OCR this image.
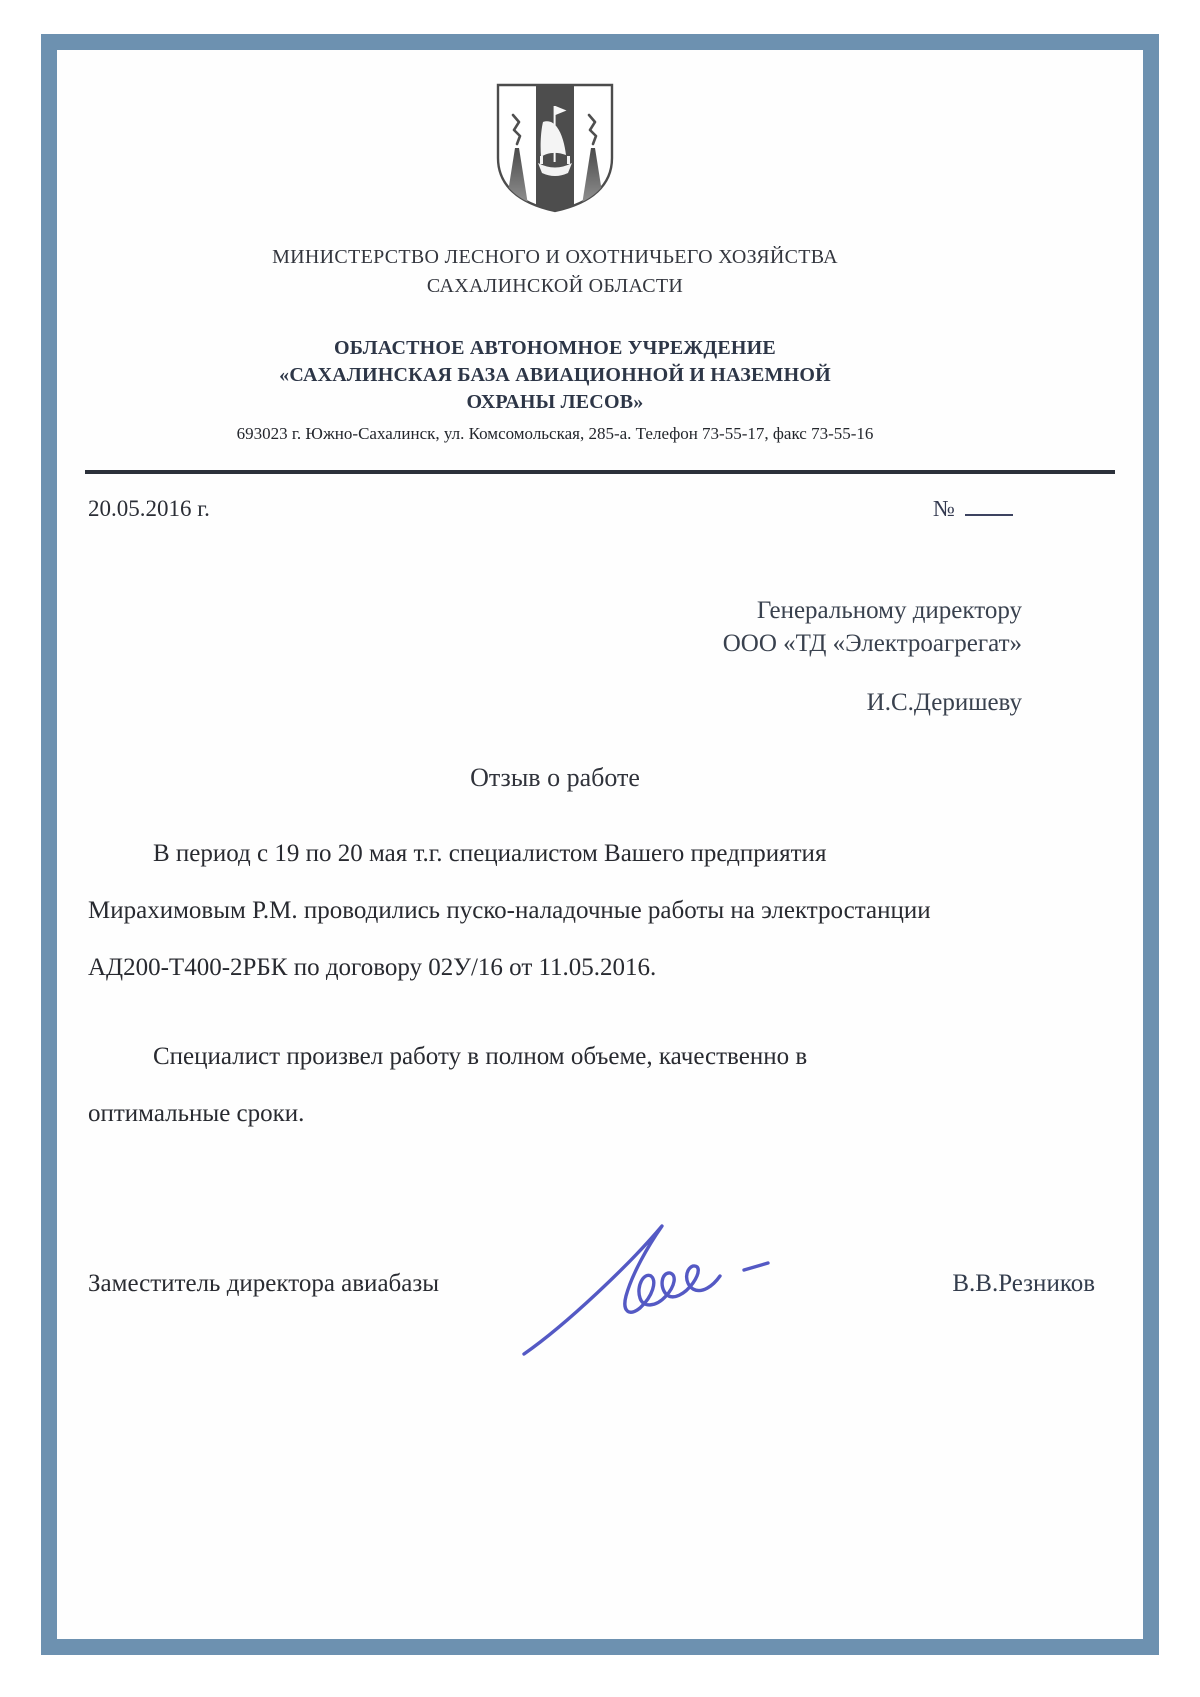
МИНИСТЕРСТВО ЛЕСНОГО И ОХОТНИЧЬЕГО ХОЗЯЙСТВА
САХАЛИНСКОЙ ОБЛАСТИ
ОБЛАСТНОЕ АВТОНОМНОЕ УЧРЕЖДЕНИЕ
«САХАЛИНСКАЯ БАЗА АВИАЦИОННОЙ И НАЗЕМНОЙ
ОХРАНЫ ЛЕСОВ»
693023 г. Южно-Сахалинск, ул. Комсомольская, 285-а. Телефон 73-55-17, факс 73-55-16
20.05.2016 г.	№
Генеральному директору
ООО «ТД «Электроагрегат»
И.С.Деришеву
Отзыв о работе
В период с 19 по 20 мая т.г. специалистом Вашего предприятия
Мирахимовым Р.М. проводились пуско-наладочные работы на электростанции
АД200-Т400-2РБК по договору 02У/16 от 11.05.2016.
Специалист произвел работу в полном объеме, качественно в
оптимальные сроки.
Заместитель директора авиабазы	В.В.Резников
